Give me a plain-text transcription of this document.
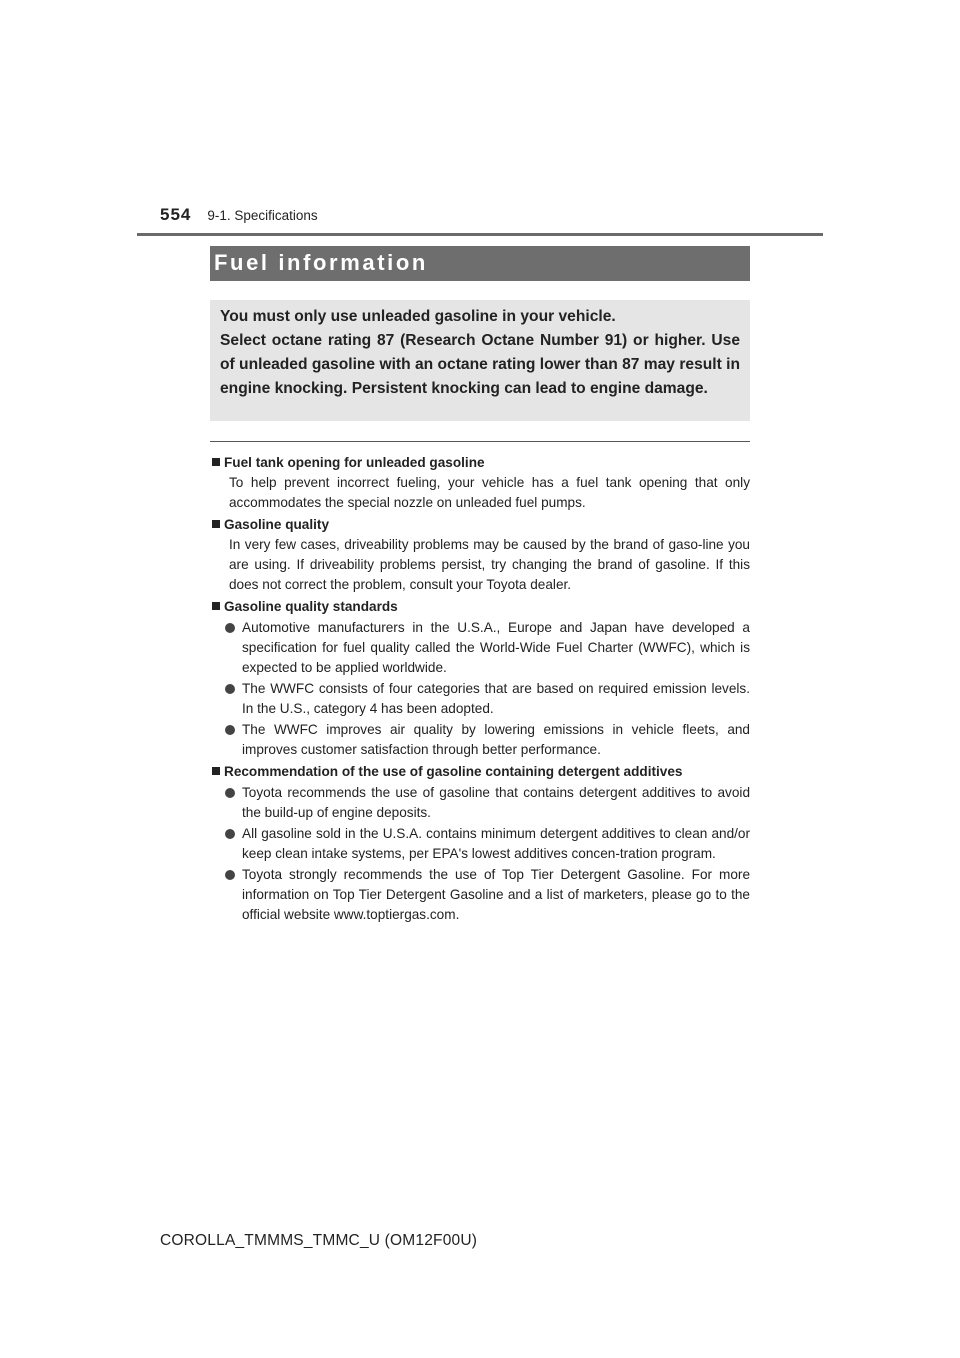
554 9-1. Specifications
Fuel information

You must only use unleaded gasoline in your vehicle.

Select octane rating 87 (Research Octane Number 91) or higher. Use of unleaded gasoline with an octane rating lower than 87 may result in engine knocking. Persistent knocking can lead to engine damage.

Fuel tank opening for unleaded gasoline
To help prevent incorrect fueling, your vehicle has a fuel tank opening that only accommodates the special nozzle on unleaded fuel pumps.
Gasoline quality
In very few cases, driveability problems may be caused by the brand of gaso-line you are using. If driveability problems persist, try changing the brand of gasoline. If this does not correct the problem, consult your Toyota dealer.
Gasoline quality standards
Automotive manufacturers in the U.S.A., Europe and Japan have developed a specification for fuel quality called the World-Wide Fuel Charter (WWFC), which is expected to be applied worldwide.
The WWFC consists of four categories that are based on required emission levels. In the U.S., category 4 has been adopted.
The WWFC improves air quality by lowering emissions in vehicle fleets, and improves customer satisfaction through better performance.
Recommendation of the use of gasoline containing detergent additives
Toyota recommends the use of gasoline that contains detergent additives to avoid the build-up of engine deposits.
All gasoline sold in the U.S.A. contains minimum detergent additives to clean and/or keep clean intake systems, per EPA's lowest additives concen-tration program.
Toyota strongly recommends the use of Top Tier Detergent Gasoline. For more information on Top Tier Detergent Gasoline and a list of marketers, please go to the official website www.toptiergas.com.
COROLLA_TMMMS_TMMC_U (OM12F00U)
